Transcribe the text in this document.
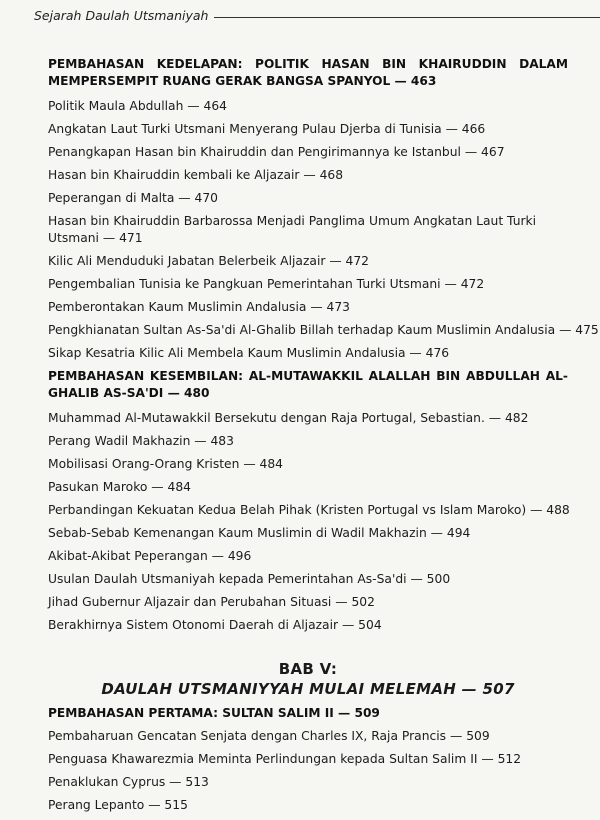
Sejarah Daulah Utsmaniyah
PEMBAHASAN KEDELAPAN: POLITIK HASAN BIN KHAIRUDDIN DALAM MEMPERSEMPIT RUANG GERAK BANGSA SPANYOL — 463
Politik Maula Abdullah — 464
Angkatan Laut Turki Utsmani Menyerang Pulau Djerba di Tunisia — 466
Penangkapan Hasan bin Khairuddin dan Pengirimannya ke Istanbul — 467
Hasan bin Khairuddin kembali ke Aljazair — 468
Peperangan di Malta — 470
Hasan bin Khairuddin Barbarossa Menjadi Panglima Umum Angkatan Laut Turki Utsmani — 471
Kilic Ali Menduduki Jabatan Belerbeik Aljazair — 472
Pengembalian Tunisia ke Pangkuan Pemerintahan Turki Utsmani — 472
Pemberontakan Kaum Muslimin Andalusia — 473
Pengkhianatan Sultan As-Sa'di Al-Ghalib Billah terhadap Kaum Muslimin Andalusia — 475
Sikap Kesatria Kilic Ali Membela Kaum Muslimin Andalusia — 476
PEMBAHASAN KESEMBILAN: AL-MUTAWAKKIL ALALLAH BIN ABDULLAH AL-GHALIB AS-SA'DI — 480
Muhammad Al-Mutawakkil Bersekutu dengan Raja Portugal, Sebastian. — 482
Perang Wadil Makhazin — 483
Mobilisasi Orang-Orang Kristen — 484
Pasukan Maroko — 484
Perbandingan Kekuatan Kedua Belah Pihak (Kristen Portugal vs Islam Maroko) — 488
Sebab-Sebab Kemenangan Kaum Muslimin di Wadil Makhazin — 494
Akibat-Akibat Peperangan — 496
Usulan Daulah Utsmaniyah kepada Pemerintahan As-Sa'di — 500
Jihad Gubernur Aljazair dan Perubahan Situasi — 502
Berakhirnya Sistem Otonomi Daerah di Aljazair — 504
BAB V:
DAULAH UTSMANIYYAH MULAI MELEMAH — 507
PEMBAHASAN PERTAMA: SULTAN SALIM II — 509
Pembaharuan Gencatan Senjata dengan Charles IX, Raja Prancis — 509
Penguasa Khawarezmia Meminta Perlindungan kepada Sultan Salim II — 512
Penaklukan Cyprus — 513
Perang Lepanto — 515
